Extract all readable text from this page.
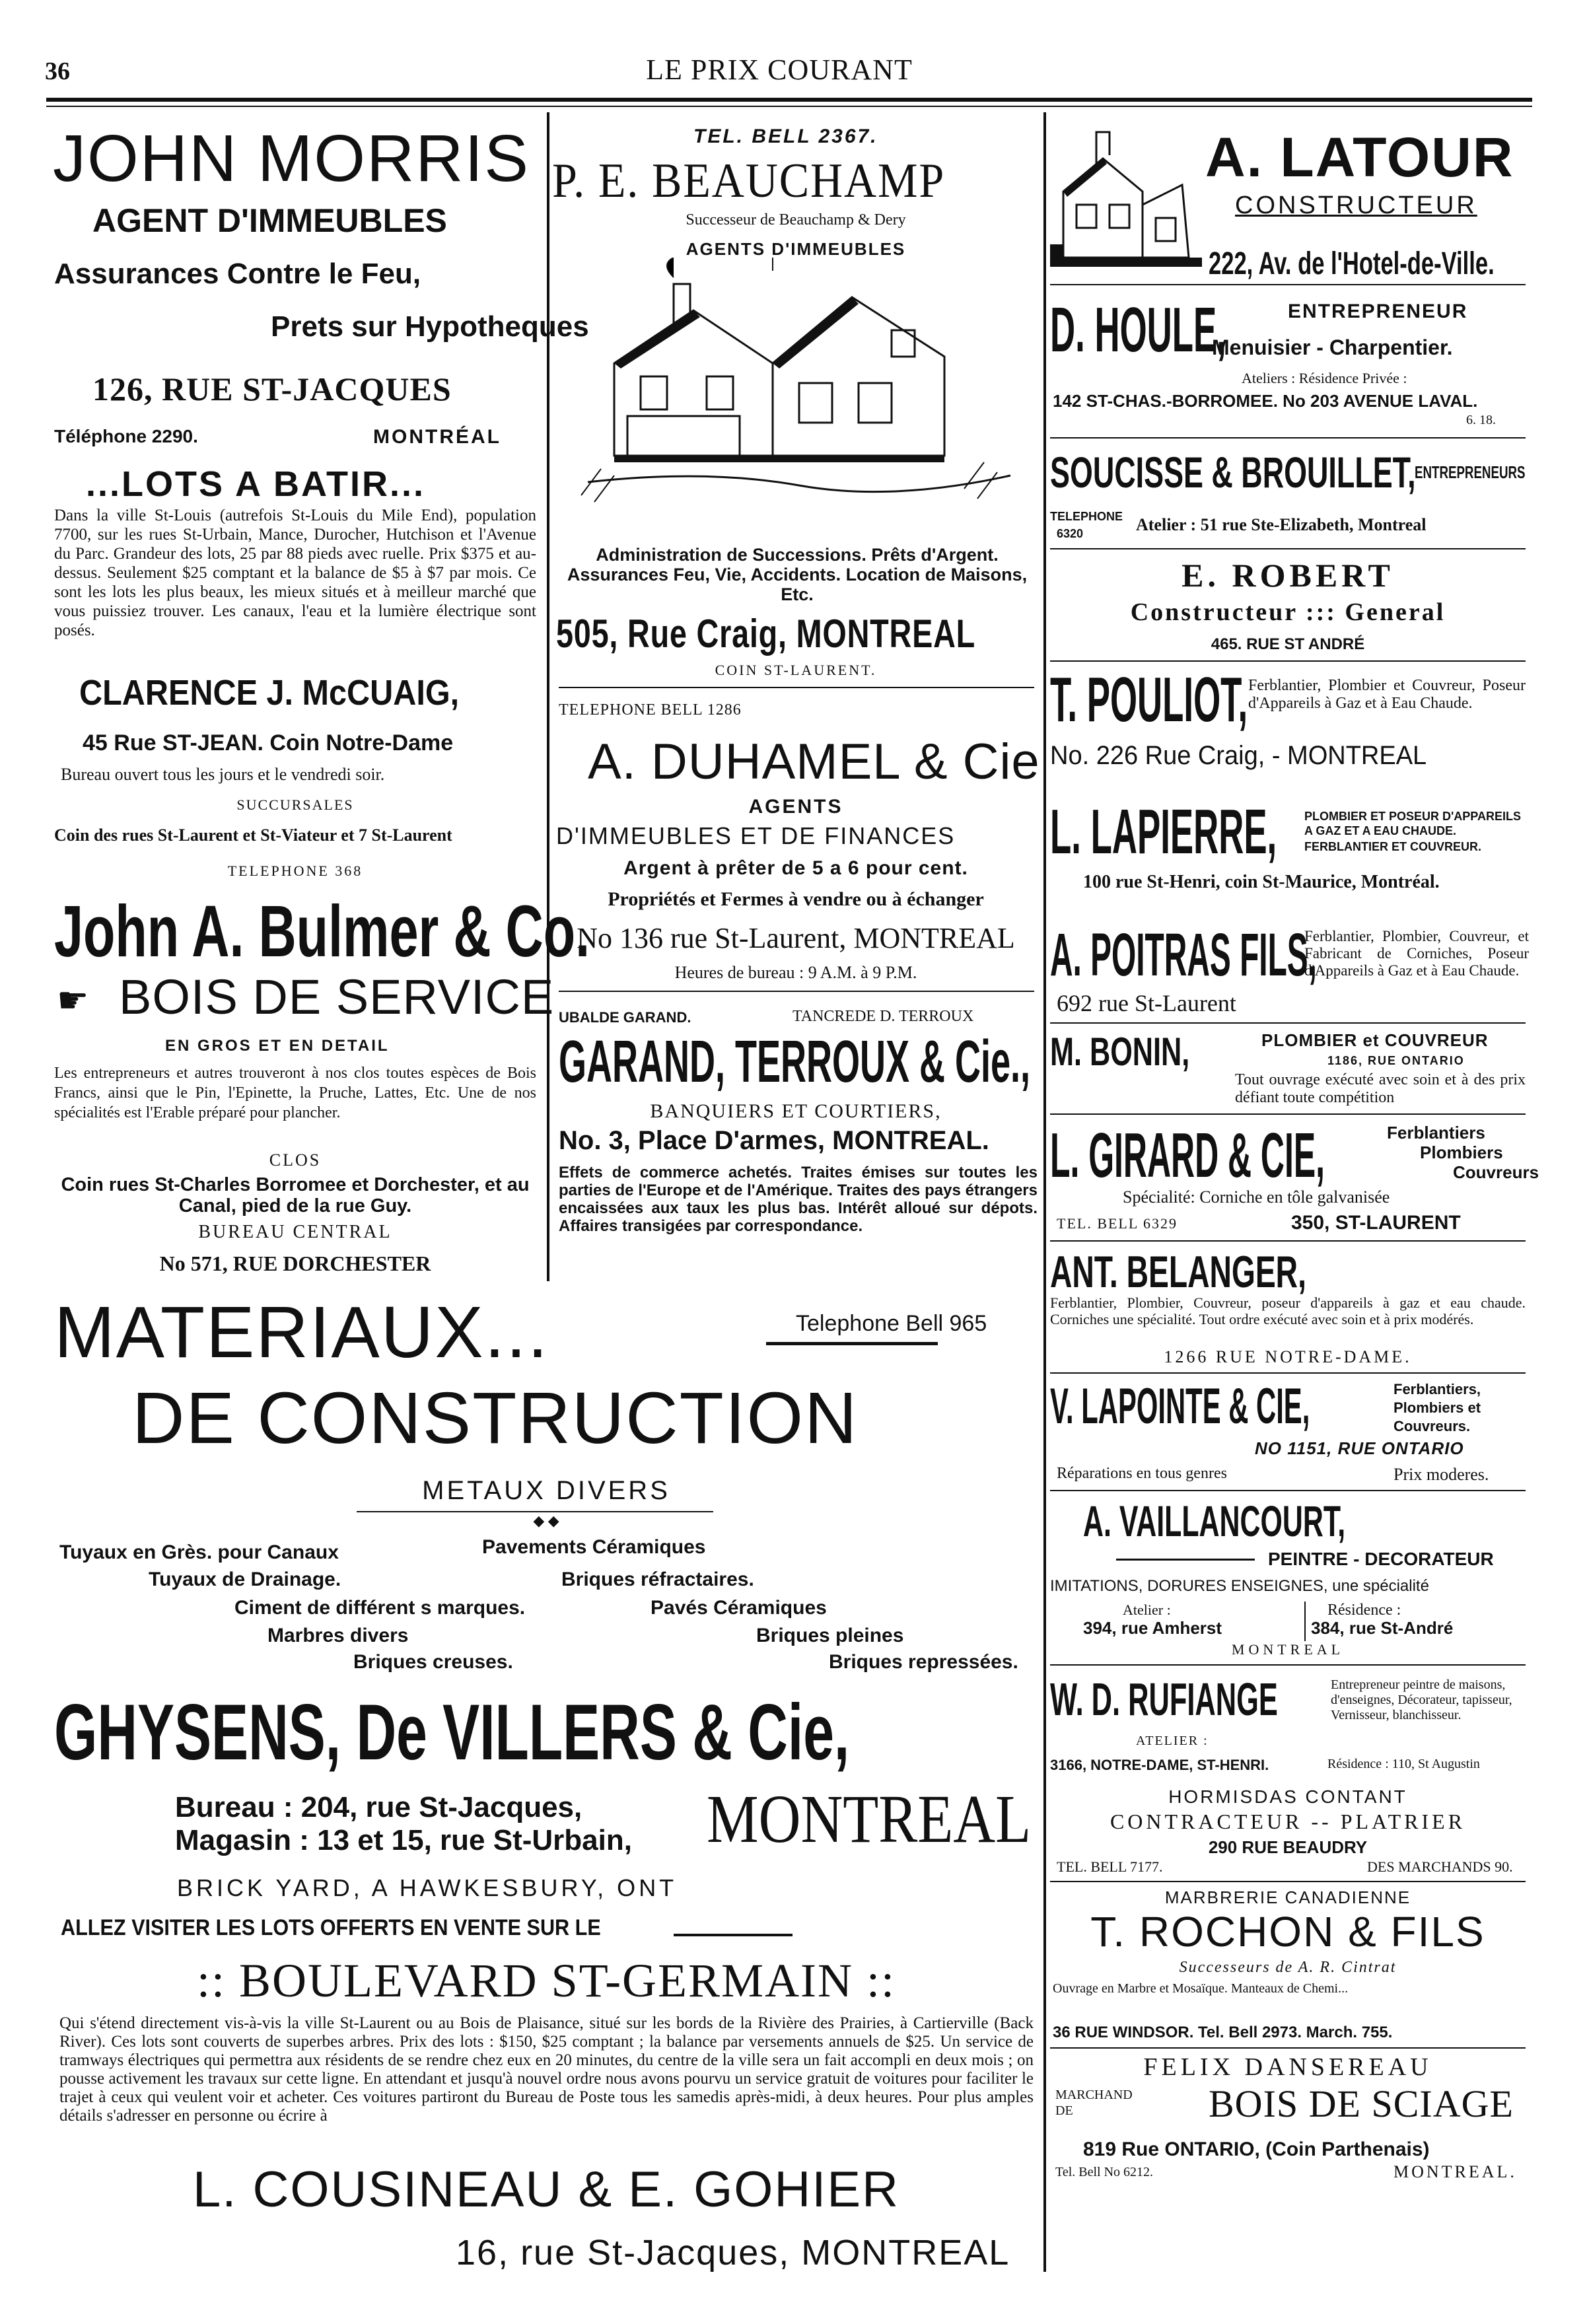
36	LE PRIX COURANT
JOHN MORRIS
AGENT D'IMMEUBLES
Assurances Contre le Feu,
Prets sur Hypotheques
126, RUE ST-JACQUES
Téléphone 2290.	MONTRÉAL
...LOTS A BATIR...
Dans la ville St-Louis (autrefois St-Louis du Mile End), population 7700, sur les rues St-Urbain, Mance, Durocher, Hutchison et l'Avenue du Parc. Grandeur des lots, 25 par 88 pieds avec ruelle. Prix $375 et au-dessus. Seulement $25 comptant et la balance de $5 à $7 par mois. Ce sont les lots les plus beaux, les mieux situés et à meilleur marché que vous puissiez trouver. Les canaux, l'eau et la lumière électrique sont posés.
CLARENCE J. McCUAIG,
45 Rue ST-JEAN. Coin Notre-Dame
Bureau ouvert tous les jours et le vendredi soir.
SUCCURSALES
Coin des rues St-Laurent et St-Viateur et 7 St-Laurent
TELEPHONE 368
John A. Bulmer & Co.
☛ BOIS DE SERVICE
EN GROS ET EN DETAIL
Les entrepreneurs et autres trouveront à nos clos toutes espèces de Bois Francs, ainsi que le Pin, l'Epinette, la Pruche, Lattes, Etc. Une de nos spécialités est l'Erable préparé pour plancher.
CLOS
Coin rues St-Charles Borromee et Dorchester, et au Canal, pied de la rue Guy.
BUREAU CENTRAL
No 571, RUE DORCHESTER
TEL. BELL 2367.
P. E. BEAUCHAMP
Successeur de Beauchamp & Dery
AGENTS D'IMMEUBLES
Administration de Successions. Prêts d'Argent. Assurances Feu, Vie, Accidents. Location de Maisons, Etc.
505, Rue Craig, MONTREAL
COIN ST-LAURENT.
TELEPHONE BELL 1286
A. DUHAMEL & Cie
AGENTS
D'IMMEUBLES ET DE FINANCES
Argent à prêter de 5 a 6 pour cent.
Propriétés et Fermes à vendre ou à échanger
No 136 rue St-Laurent, MONTREAL
Heures de bureau : 9 A.M. à 9 P.M.
UBALDE GARAND.	TANCREDE D. TERROUX
GARAND, TERROUX & Cie.,
BANQUIERS ET COURTIERS,
No. 3, Place D'armes, MONTREAL.
Effets de commerce achetés. Traites émises sur toutes les parties de l'Europe et de l'Amérique. Traites des pays étrangers encaissées aux taux les plus bas. Intérêt alloué sur dépots. Affaires transigées par correspondance.
A. LATOUR
CONSTRUCTEUR
222, Av. de l'Hotel-de-Ville.
D. HOULE,	ENTREPRENEUR
Menuisier - Charpentier.
Ateliers : Résidence Privée :
142 ST-CHAS.-BORROMEE. No 203 AVENUE LAVAL.
6. 18.
SOUCISSE & BROUILLET,
ENTREPRENEURS
TELEPHONE
6320	Atelier : 51 rue Ste-Elizabeth, Montreal
E. ROBERT
Constructeur ::: General
465. RUE ST ANDRÉ
T. POULIOT, Ferblantier, Plombier et Couvreur, Poseur d'Appareils à Gaz et à Eau Chaude.
No. 226 Rue Craig, - MONTREAL
L. LAPIERRE, PLOMBIER ET POSEUR D'APPAREILS A GAZ ET A EAU CHAUDE.
FERBLANTIER ET COUVREUR.
100 rue St-Henri, coin St-Maurice, Montréal.
A. POITRAS FILS,
Ferblantier, Plombier, Couvreur, et Fabricant de Corniches, Poseur d'Appareils à Gaz et à Eau Chaude.
692 rue St-Laurent
M. BONIN,	PLOMBIER et COUVREUR
1186, RUE ONTARIO
Tout ouvrage exécuté avec soin et à des prix défiant toute compétition
L. GIRARD & CIE,	Ferblantiers
Plombiers
Couvreurs
Spécialité: Corniche en tôle galvanisée
TEL. BELL 6329	350, ST-LAURENT
ANT. BELANGER,
Ferblantier, Plombier, Couvreur, poseur d'appareils à gaz et eau chaude. Corniches une spécialité. Tout ordre exécuté avec soin et à prix modérés.
1266 RUE NOTRE-DAME.
V. LAPOINTE & CIE,	Ferblantiers, Plombiers et Couvreurs.
NO 1151, RUE ONTARIO
Réparations en tous genres	Prix moderes.
A. VAILLANCOURT,
PEINTRE - DECORATEUR
IMITATIONS, DORURES ENSEIGNES, une spécialité
Atelier :
394, rue Amherst
Résidence :
384, rue St-André
MONTREAL
W. D. RUFIANGE	Entrepreneur peintre de maisons, d'enseignes, Décorateur, tapisseur, Vernisseur, blanchisseur.
ATELIER :
3166, NOTRE-DAME, ST-HENRI.	Résidence : 110, St Augustin
HORMISDAS CONTANT
CONTRACTEUR -- PLATRIER
290 RUE BEAUDRY
TEL. BELL 7177.	DES MARCHANDS 90.
MARBRERIE CANADIENNE
T. ROCHON & FILS
Successeurs de A. R. Cintrat
Ouvrage en Marbre et Mosaïque. Manteaux de Chemi...
36 RUE WINDSOR. Tel. Bell 2973. March. 755.
FELIX DANSEREAU
MARCHAND DE	BOIS DE SCIAGE
819 Rue ONTARIO, (Coin Parthenais)
Tel. Bell No 6212.	MONTREAL.
MATERIAUX...	Telephone Bell 965
DE CONSTRUCTION
METAUX DIVERS
◆ ◆
Tuyaux en Grès. pour Canaux	Pavements Céramiques
Tuyaux de Drainage.	Briques réfractaires.
Ciment de différent s marques.	Pavés Céramiques
Marbres divers	Briques pleines
Briques creuses.	Briques repressées.
GHYSENS, De VILLERS & Cie,
Bureau : 204, rue St-Jacques,
Magasin : 13 et 15, rue St-Urbain, MONTREAL
BRICK YARD, A HAWKESBURY, ONT
ALLEZ VISITER LES LOTS OFFERTS EN VENTE SUR LE
:: BOULEVARD ST-GERMAIN ::
Qui s'étend directement vis-à-vis la ville St-Laurent ou au Bois de Plaisance, situé sur les bords de la Rivière des Prairies, à Cartierville (Back River). Ces lots sont couverts de superbes arbres. Prix des lots : $150, $25 comptant ; la balance par versements annuels de $25. Un service de tramways électriques qui permettra aux résidents de se rendre chez eux en 20 minutes, du centre de la ville sera un fait accompli en deux mois ; on pousse activement les travaux sur cette ligne. En attendant et jusqu'à nouvel ordre nous avons pourvu un service gratuit de voitures pour faciliter le trajet à ceux qui veulent voir et acheter. Ces voitures partiront du Bureau de Poste tous les samedis après-midi, à deux heures. Pour plus amples détails s'adresser en personne ou écrire à
L. COUSINEAU & E. GOHIER
16, rue St-Jacques, MONTREAL
